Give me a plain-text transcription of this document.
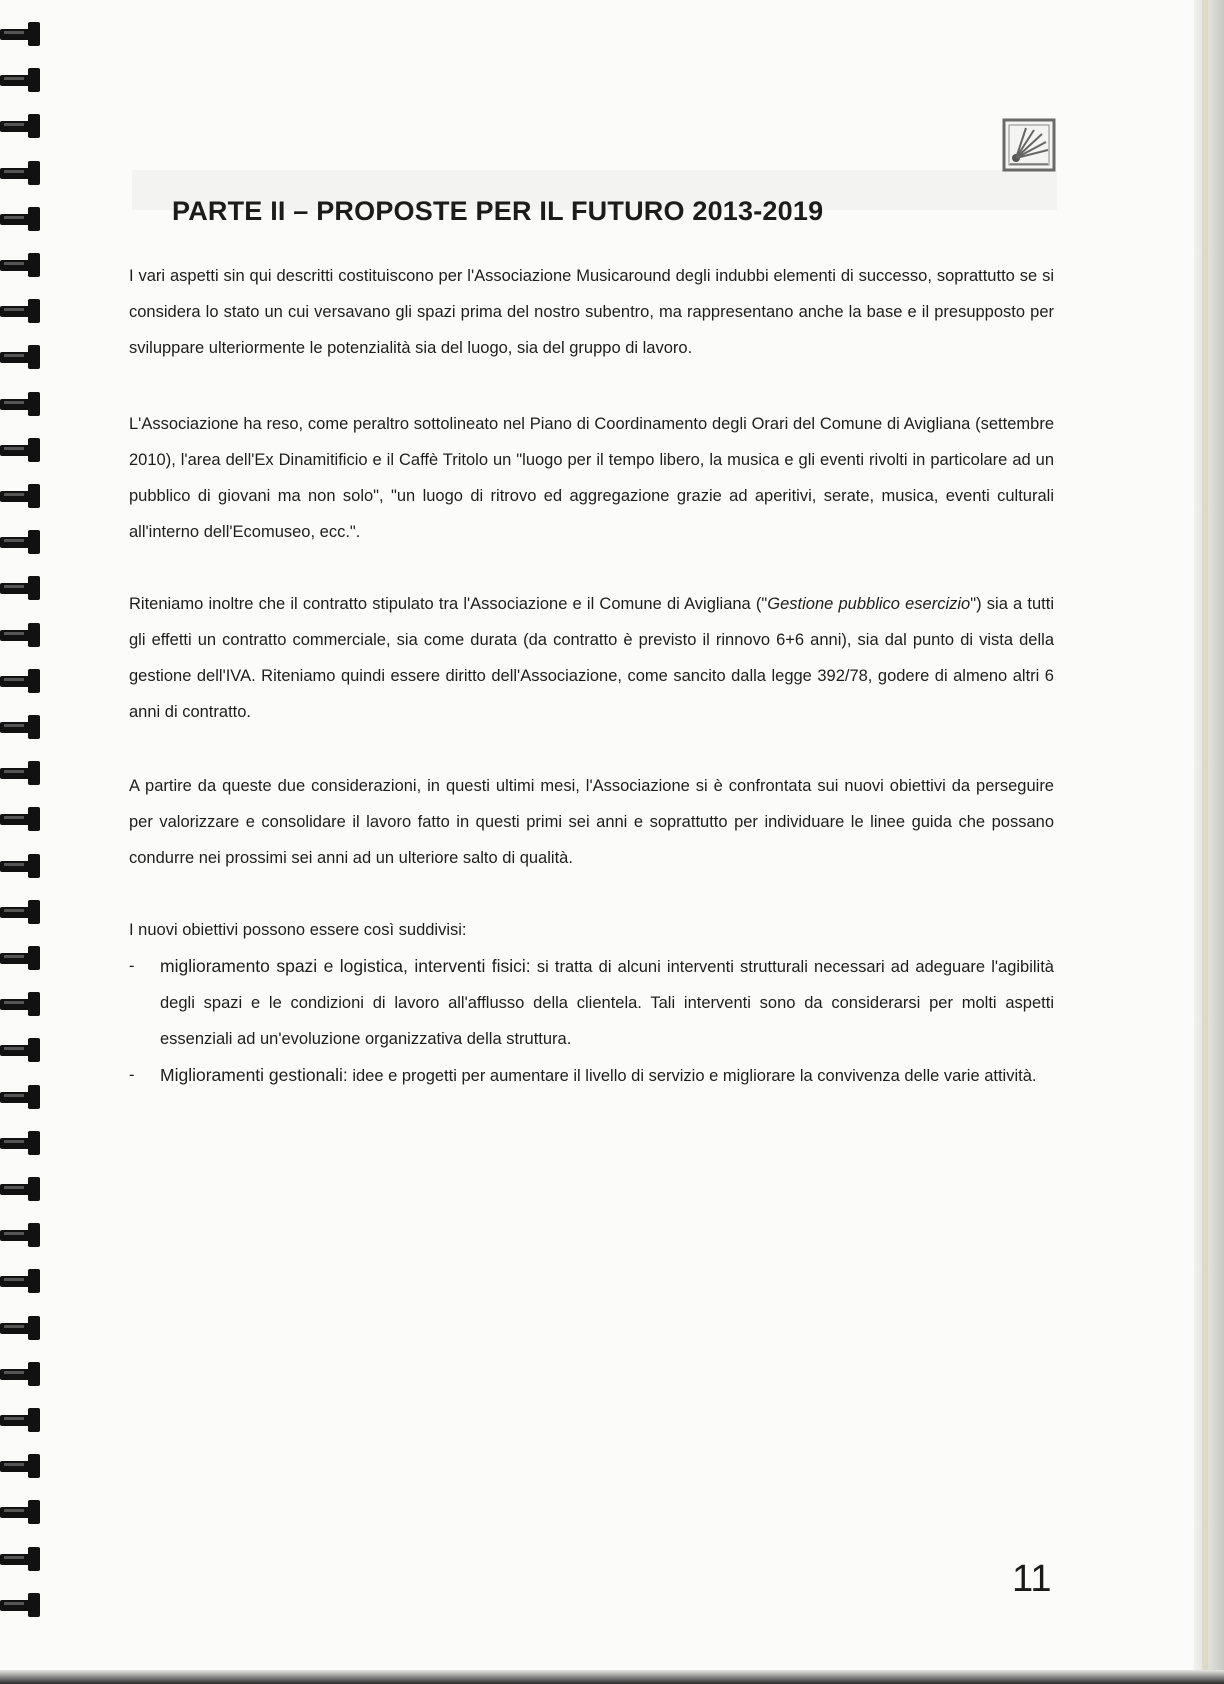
PARTE II – PROPOSTE PER IL FUTURO 2013-2019

I vari aspetti sin qui descritti costituiscono per l'Associazione Musicaround degli indubbi elementi di successo, soprattutto se si considera lo stato un cui versavano gli spazi prima del nostro subentro, ma rappresentano anche la base e il presupposto per sviluppare ulteriormente le potenzialità sia del luogo, sia del gruppo di lavoro.

L'Associazione ha reso, come peraltro sottolineato nel Piano di Coordinamento degli Orari del Comune di Avigliana (settembre 2010), l'area dell'Ex Dinamitificio e il Caffè Tritolo un "luogo per il tempo libero, la musica e gli eventi rivolti in particolare ad un pubblico di giovani ma non solo", "un luogo di ritrovo ed aggregazione grazie ad aperitivi, serate, musica, eventi culturali all'interno dell'Ecomuseo, ecc.".

Riteniamo inoltre che il contratto stipulato tra l'Associazione e il Comune di Avigliana ("Gestione pubblico esercizio") sia a tutti gli effetti un contratto commerciale, sia come durata (da contratto è previsto il rinnovo 6+6 anni), sia dal punto di vista della gestione dell'IVA. Riteniamo quindi essere diritto dell'Associazione, come sancito dalla legge 392/78, godere di almeno altri 6 anni di contratto.

A partire da queste due considerazioni, in questi ultimi mesi, l'Associazione si è confrontata sui nuovi obiettivi da perseguire per valorizzare e consolidare il lavoro fatto in questi primi sei anni e soprattutto per individuare le linee guida che possano condurre nei prossimi sei anni ad un ulteriore salto di qualità.

I nuovi obiettivi possono essere così suddivisi:

- miglioramento spazi e logistica, interventi fisici: si tratta di alcuni interventi strutturali necessari ad adeguare l'agibilità degli spazi e le condizioni di lavoro all'afflusso della clientela. Tali interventi sono da considerarsi per molti aspetti essenziali ad un'evoluzione organizzativa della struttura.
- Miglioramenti gestionali: idee e progetti per aumentare il livello di servizio e migliorare la convivenza delle varie attività.
11
